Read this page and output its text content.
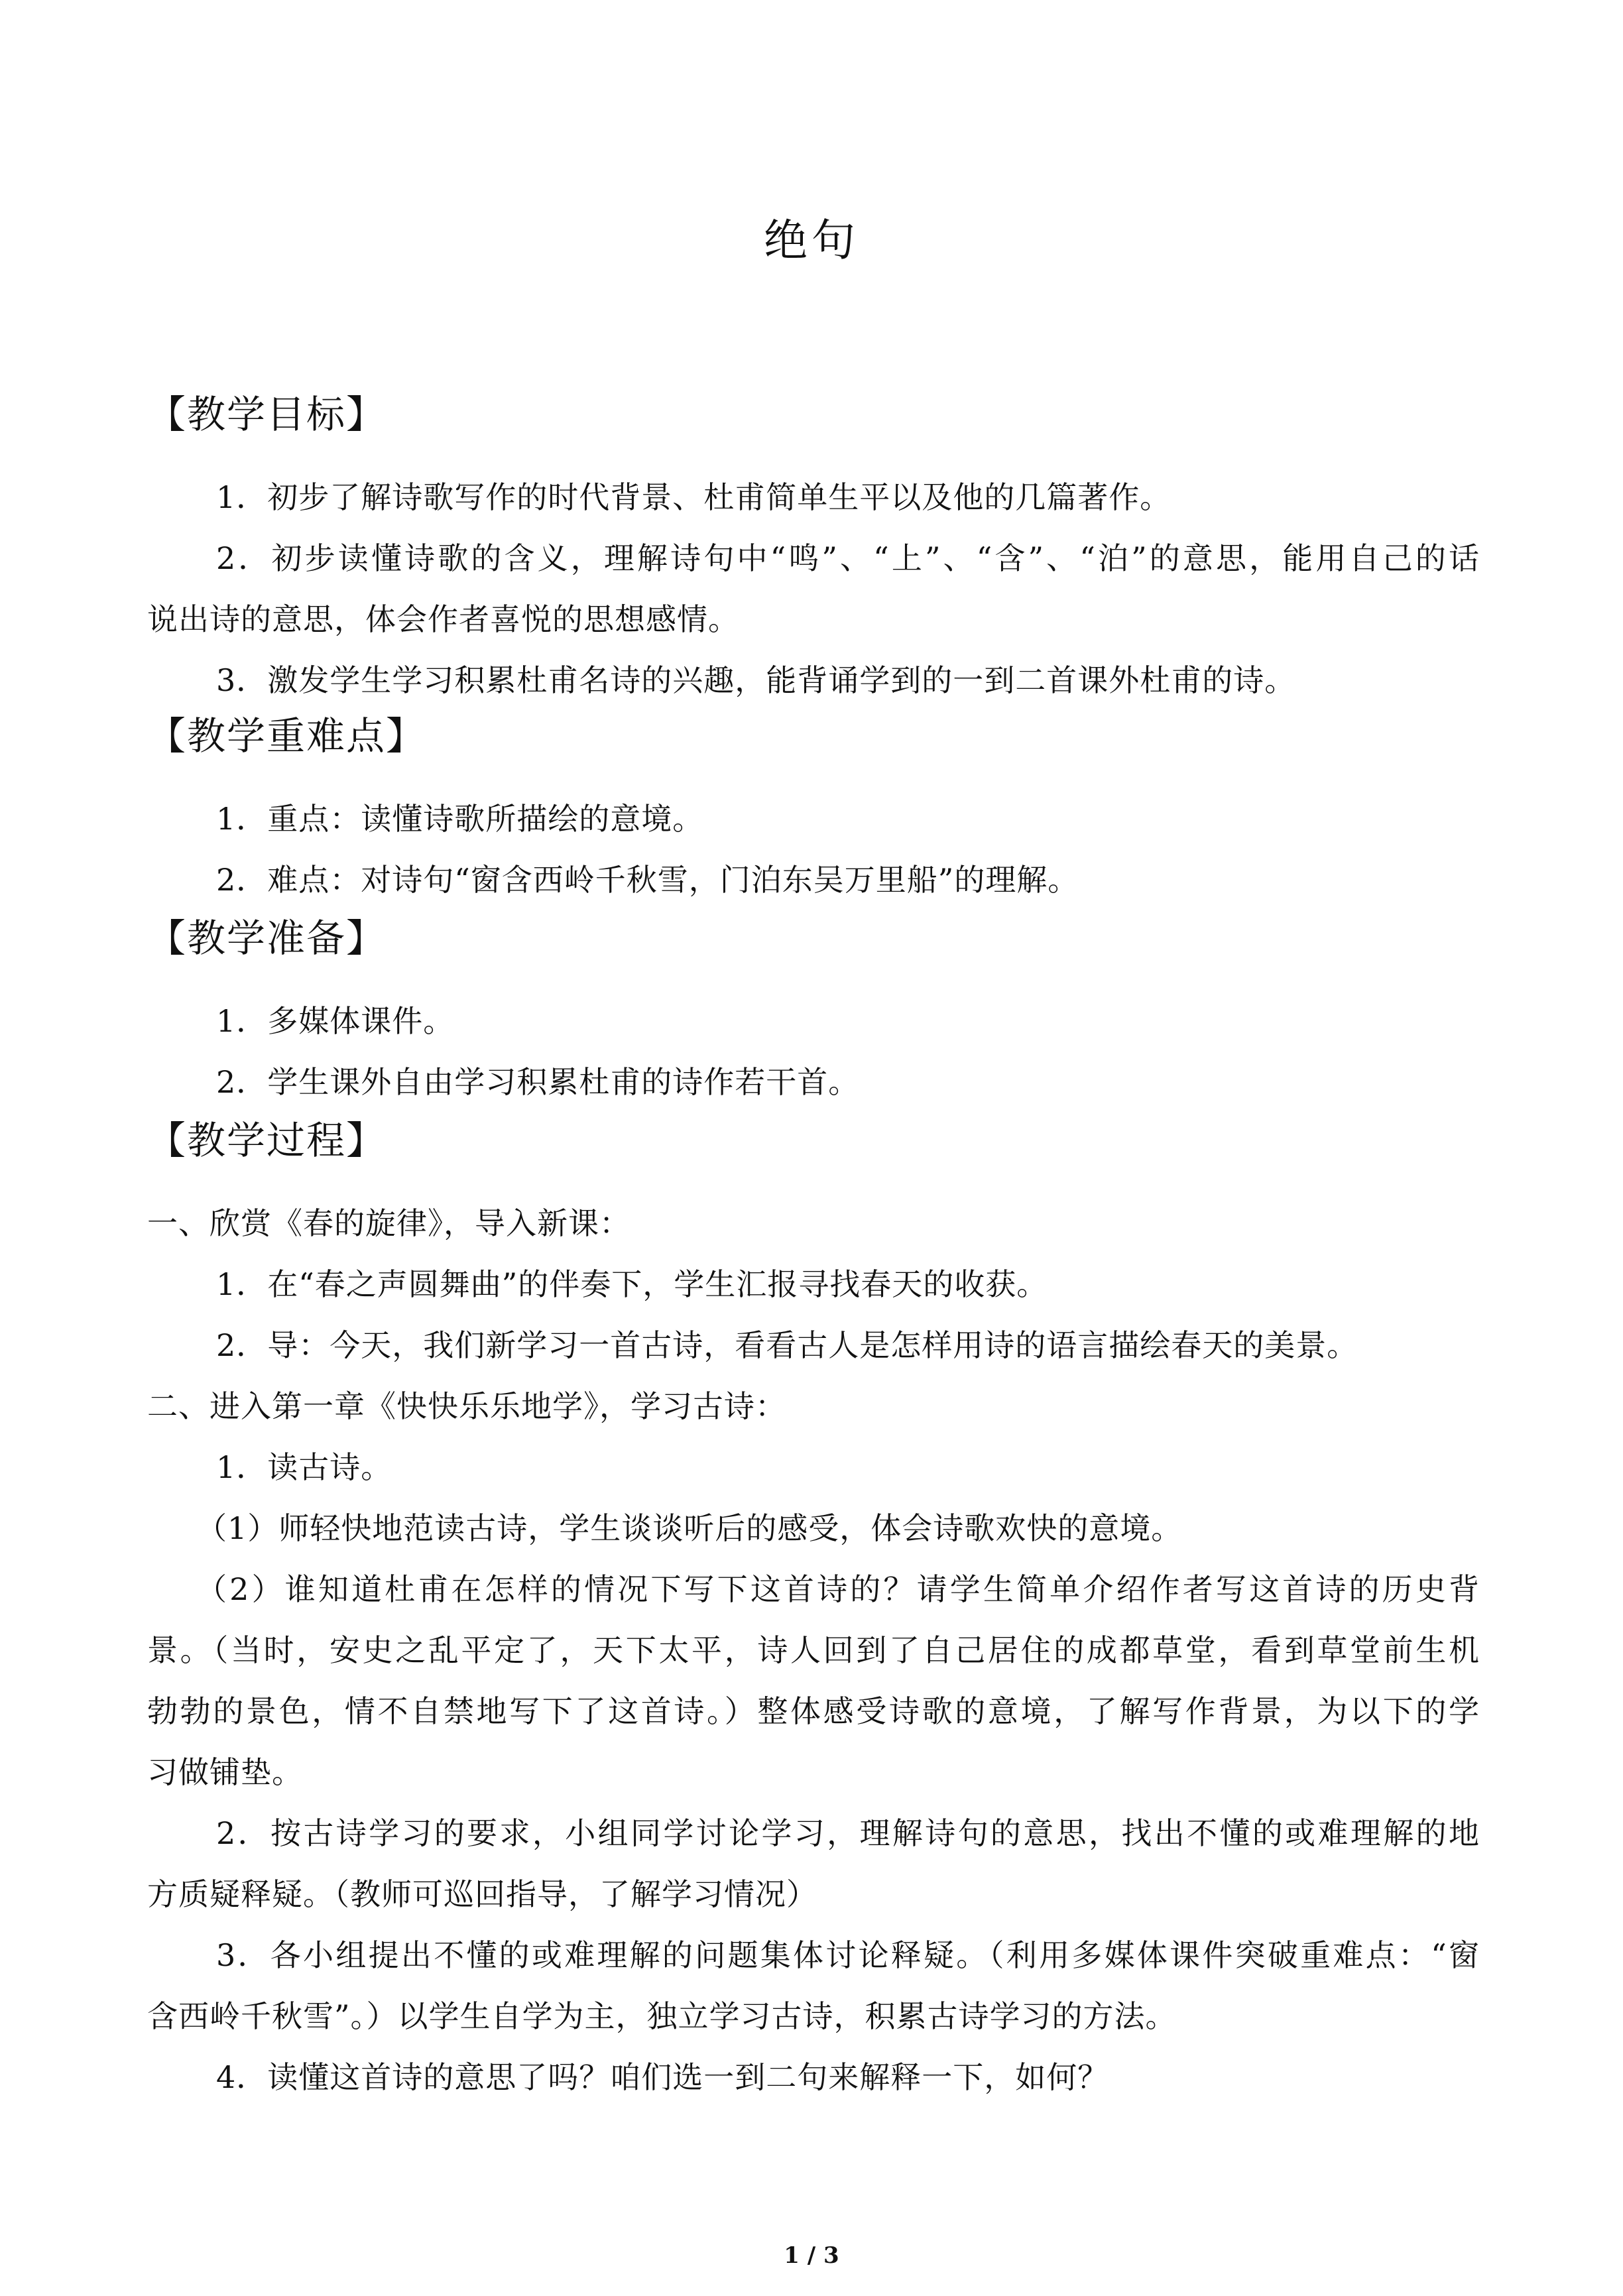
绝句
【教学目标】
1．初步了解诗歌写作的时代背景、杜甫简单生平以及他的几篇著作。
2．初步读懂诗歌的含义，理解诗句中“鸣”、“上”、“含”、“泊”的意思，能用自己的话
说出诗的意思，体会作者喜悦的思想感情。
3．激发学生学习积累杜甫名诗的兴趣，能背诵学到的一到二首课外杜甫的诗。
【教学重难点】
1．重点：读懂诗歌所描绘的意境。
2．难点：对诗句“窗含西岭千秋雪，门泊东吴万里船”的理解。
【教学准备】
1．多媒体课件。
2．学生课外自由学习积累杜甫的诗作若干首。
【教学过程】
一、欣赏《春的旋律》，导入新课：
1．在“春之声圆舞曲”的伴奏下，学生汇报寻找春天的收获。
2．导：今天，我们新学习一首古诗，看看古人是怎样用诗的语言描绘春天的美景。
二、进入第一章《快快乐乐地学》，学习古诗：
1．读古诗。
（1）师轻快地范读古诗，学生谈谈听后的感受，体会诗歌欢快的意境。
（2）谁知道杜甫在怎样的情况下写下这首诗的？请学生简单介绍作者写这首诗的历史背
景。（当时，安史之乱平定了，天下太平，诗人回到了自己居住的成都草堂，看到草堂前生机
勃勃的景色，情不自禁地写下了这首诗。）整体感受诗歌的意境，了解写作背景，为以下的学
习做铺垫。
2．按古诗学习的要求，小组同学讨论学习，理解诗句的意思，找出不懂的或难理解的地
方质疑释疑。（教师可巡回指导，了解学习情况）
3．各小组提出不懂的或难理解的问题集体讨论释疑。（利用多媒体课件突破重难点：“窗
含西岭千秋雪”。）以学生自学为主，独立学习古诗，积累古诗学习的方法。
4．读懂这首诗的意思了吗？咱们选一到二句来解释一下，如何？
1 / 3
